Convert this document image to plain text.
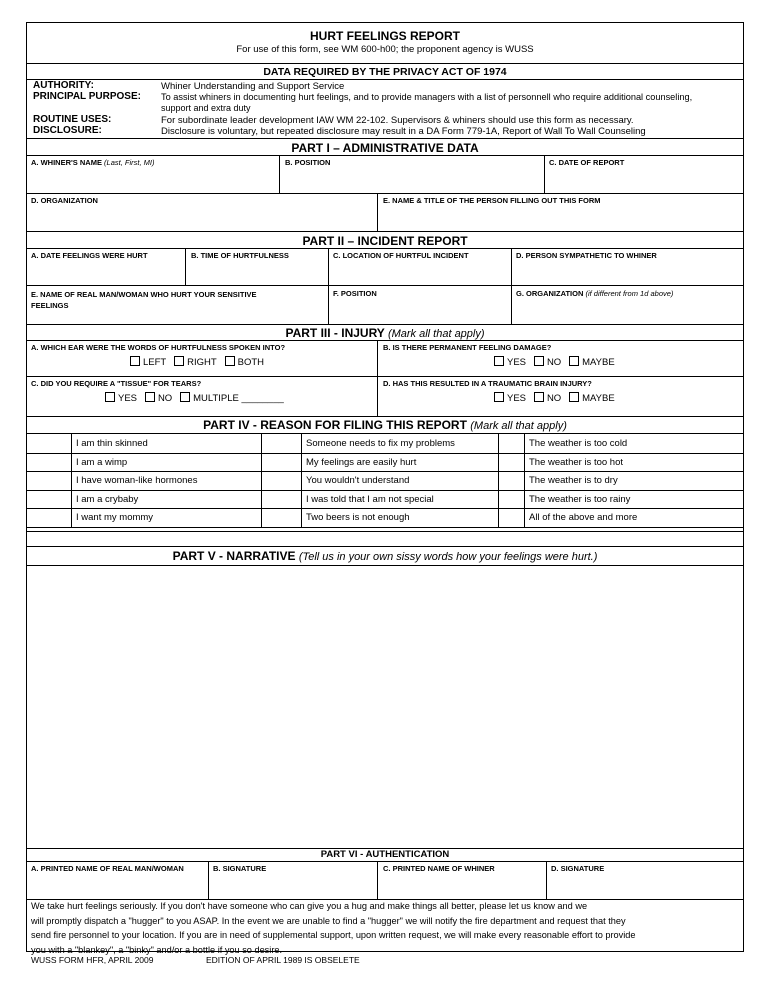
HURT FEELINGS REPORT
For use of this form, see WM 600-h00; the proponent agency is WUSS
DATA REQUIRED BY THE PRIVACY ACT OF 1974
AUTHORITY:	Whiner Understanding and Support Service
PRINCIPAL PURPOSE: To assist whiners in documenting hurt feelings, and to provide managers with a list of personnell who require additional counseling,
support and extra duty
ROUTINE USES:	For subordinate leader development IAW WM 22-102. Supervisors & whiners should use this form as necessary.
DISCLOSURE:	Disclosure is voluntary, but repeated disclosure may result in a DA Form 779-1A, Report of Wall To Wall Counseling
PART I – ADMINISTRATIVE DATA
A. WHINER'S NAME (Last, First, MI)	B. POSITION	C. DATE OF REPORT
D. ORGANIZATION	E. NAME & TITLE OF THE PERSON FILLING OUT THIS FORM
PART II – INCIDENT REPORT
A. DATE FEELINGS WERE HURT	B. TIME OF HURTFULNESS	C. LOCATION OF HURTFUL INCIDENT	D. PERSON SYMPATHETIC TO WHINER
E. NAME OF REAL MAN/WOMAN WHO HURT YOUR SENSITIVE
FEELINGS
F. POSITION	G. ORGANIZATION (if different from 1d above)
PART III - INJURY (Mark all that apply)
A. WHICH EAR WERE THE WORDS OF HURTFULNESS SPOKEN INTO?
LEFT RIGHT BOTH
B. IS THERE PERMANENT FEELING DAMAGE?
YES NO MAYBE
C. DID YOU REQUIRE A "TISSUE" FOR TEARS?
YES NO MULTIPLE ________
D. HAS THIS RESULTED IN A TRAUMATIC BRAIN INJURY?
YES NO MAYBE
PART IV - REASON FOR FILING THIS REPORT (Mark all that apply)
PART V - NARRATIVE (Tell us in your own sissy words how your feelings were hurt.)
PART VI - AUTHENTICATION
A. PRINTED NAME OF REAL MAN/WOMAN	B. SIGNATURE	C. PRINTED NAME OF WHINER	D. SIGNATURE
We take hurt feelings seriously. If you don't have someone who can give you a hug and make things all better, please let us know and we
will promptly dispatch a "hugger" to you ASAP. In the event we are unable to find a "hugger" we will notify the fire department and request that they
send fire personnel to your location. If you are in need of supplemental support, upon written request, we will make every reasonable effort to provide
you with a "blankey", a "binky" and/or a bottle if you so desire.
I am thin skinned	Someone needs to fix my problems	The weather is too cold
I am a wimp	My feelings are easily hurt	The weather is too hot
I have woman-like hormones	You wouldn't understand	The weather is to dry
I am a crybaby	I was told that I am not special	The weather is too rainy
I want my mommy	Two beers is not enough	All of the above and more
WUSS FORM HFR, APRIL 2009	EDITION OF APRIL 1989 IS OBSELETE
